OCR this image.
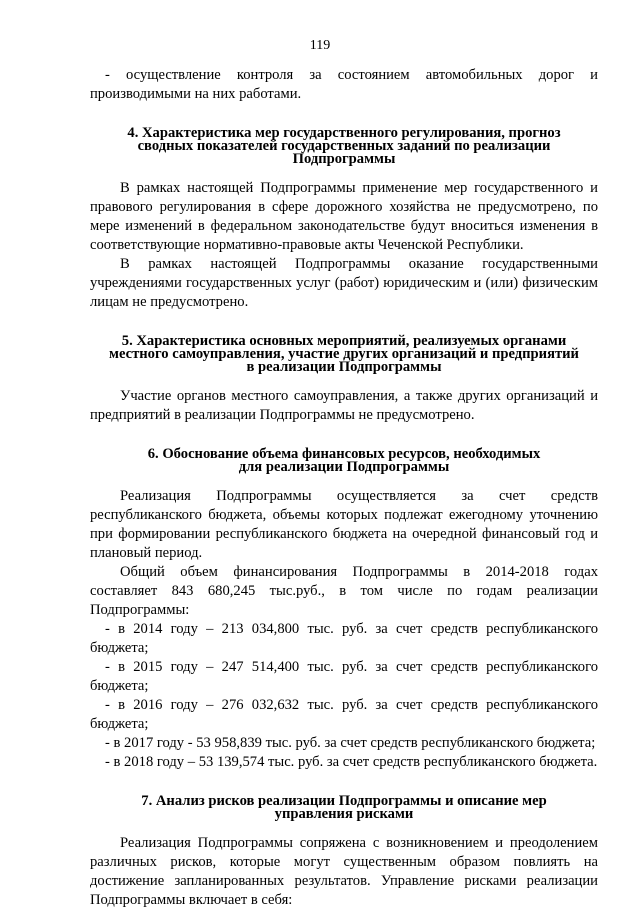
119

- осуществление контроля за состоянием автомобильных дорог и производимыми на них работами.

4. Характеристика мер государственного регулирования, прогноз
сводных показателей государственных заданий по реализации
Подпрограммы

В рамках настоящей Подпрограммы применение мер государственного и правового регулирования в сфере дорожного хозяйства не предусмотрено, по мере изменений в федеральном законодательстве будут вноситься изменения в соответствующие нормативно-правовые акты Чеченской Республики.

В рамках настоящей Подпрограммы оказание государственными учреждениями государственных услуг (работ) юридическим и (или) физическим лицам не предусмотрено.

5. Характеристика основных мероприятий, реализуемых органами
местного самоуправления, участие других организаций и предприятий
в реализации Подпрограммы

Участие органов местного самоуправления, а также других организаций и предприятий в реализации Подпрограммы не предусмотрено.

6. Обоснование объема финансовых ресурсов, необходимых
для реализации Подпрограммы

Реализация Подпрограммы осуществляется за счет средств республиканского бюджета, объемы которых подлежат ежегодному уточнению при формировании республиканского бюджета на очередной финансовый год и плановый период.

Общий объем финансирования Подпрограммы в 2014-2018 годах составляет 843 680,245 тыс.руб., в том числе по годам реализации Подпрограммы:

- в 2014 году – 213 034,800 тыс. руб. за счет средств республиканского бюджета;

- в 2015 году – 247 514,400 тыс. руб. за счет средств республиканского бюджета;

- в 2016 году – 276 032,632 тыс. руб. за счет средств республиканского бюджета;

- в 2017 году - 53 958,839 тыс. руб. за счет средств республиканского бюджета;

- в 2018 году – 53 139,574 тыс. руб. за счет средств республиканского бюджета.

7. Анализ рисков реализации Подпрограммы и описание мер
управления рисками

Реализация Подпрограммы сопряжена с возникновением и преодолением различных рисков, которые могут существенным образом повлиять на достижение запланированных результатов. Управление рисками реализации Подпрограммы включает в себя:
